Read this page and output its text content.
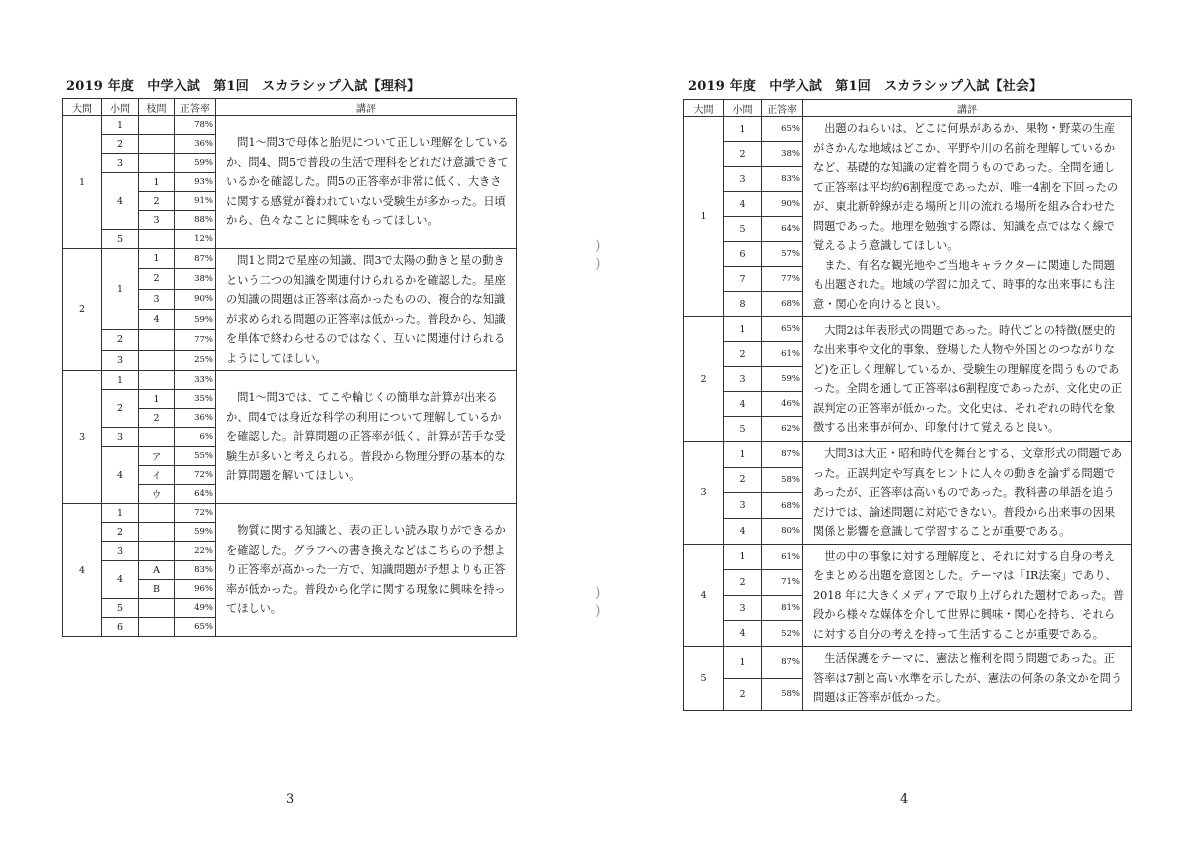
2019 年度　中学入試　第1回　スカラシップ入試【理科】
大問	小問	枝問	正答率	講評
1	1		78%	問1～問3で母体と胎児について正しい理解をしているか、問4、問5で普段の生活で理科をどれだけ意識できているかを確認した。問5の正答率が非常に低く、大きさに関する感覚が養われていない受験生が多かった。日頃から、色々なことに興味をもってほしい。

	2		36%	
	3		59%	
	4	1	93%	
		2	91%	
		3	88%	
	5		12%	
2	1	1	87%	問1と問2で星座の知識、問3で太陽の動きと星の動きという二つの知識を関連付けられるかを確認した。星座の知識の問題は正答率は高かったものの、複合的な知識が求められる問題の正答率は低かった。普段から、知識を単体で終わらせるのではなく、互いに関連付けられるようにしてほしい。

		2	38%	
		3	90%	
		4	59%	
	2		77%	
	3		25%	
3	1		33%	問1～問3では、てこや輪じくの簡単な計算が出来るか、問4では身近な科学の利用について理解しているかを確認した。計算問題の正答率が低く、計算が苦手な受験生が多いと考えられる。普段から物理分野の基本的な計算問題を解いてほしい。

	2	1	35%	
		2	36%	
	3		6%	
	4	ア	55%	
		イ	72%	
		ウ	64%	
4	1		72%	物質に関する知識と、表の正しい読み取りができるかを確認した。グラフへの書き換えなどはこちらの予想より正答率が高かった一方で、知識問題が予想よりも正答率が低かった。普段から化学に関する現象に興味を持ってほしい。

	2		59%	
	3		22%	
	4	A	83%	
		B	96%	
	5		49%	
	6		65%	
3
)
)
)
)
2019 年度　中学入試　第1回　スカラシップ入試【社会】
大問	小問	正答率	講評
1	1	65%	出題のねらいは、どこに何県があるか、果物・野菜の生産がさかんな地域はどこか、平野や川の名前を理解しているかなど、基礎的な知識の定着を問うものであった。全問を通して正答率は平均約6割程度であったが、唯一4割を下回ったのが、東北新幹線が走る場所と川の流れる場所を組み合わせた問題であった。地理を勉強する際は、知識を点ではなく線で覚えるよう意識してほしい。
また、有名な観光地やご当地キャラクターに関連した問題も出題された。地域の学習に加えて、時事的な出来事にも注意・関心を向けると良い。

	2	38%	
	3	83%	
	4	90%	
	5	64%	
	6	57%	
	7	77%	
	8	68%	
2	1	65%	大問2は年表形式の問題であった。時代ごとの特徴(歴史的な出来事や文化的事象、登場した人物や外国とのつながりなど)を正しく理解しているか、受験生の理解度を問うものであった。全問を通して正答率は6割程度であったが、文化史の正誤判定の正答率が低かった。文化史は、それぞれの時代を象徴する出来事が何か、印象付けて覚えると良い。

	2	61%	
	3	59%	
	4	46%	
	5	62%	
3	1	87%	大問3は大正・昭和時代を舞台とする、文章形式の問題であった。正誤判定や写真をヒントに人々の動きを論ずる問題であったが、正答率は高いものであった。教科書の単語を追うだけでは、論述問題に対応できない。普段から出来事の因果関係と影響を意識して学習することが重要である。

	2	58%	
	3	68%	
	4	80%	
4	1	61%	世の中の事象に対する理解度と、それに対する自身の考えをまとめる出題を意図とした。テーマは「IR法案」であり、2018 年に大きくメディアで取り上げられた題材であった。普段から様々な媒体を介して世界に興味・関心を持ち、それらに対する自分の考えを持って生活することが重要である。

	2	71%	
	3	81%	
	4	52%	
5	1	87%	生活保護をテーマに、憲法と権利を問う問題であった。正答率は7割と高い水準を示したが、憲法の何条の条文かを問う問題は正答率が低かった。

	2	58%	
4
